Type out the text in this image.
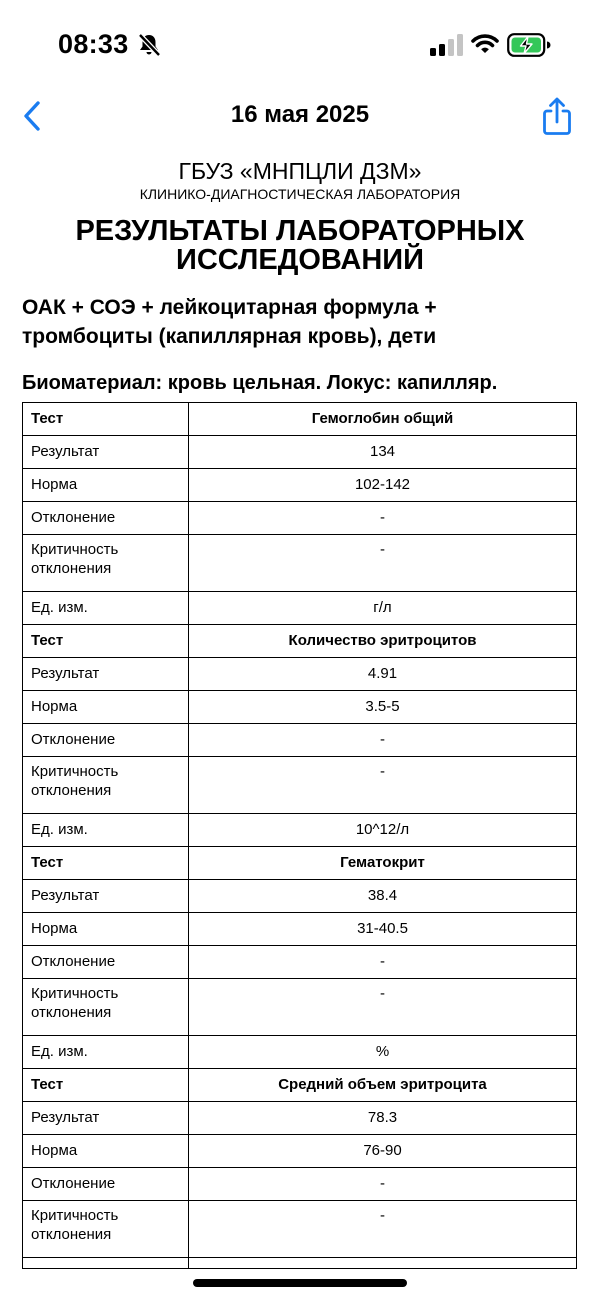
08:33
16 мая 2025
ГБУЗ «МНПЦЛИ ДЗМ»
КЛИНИКО-ДИАГНОСТИЧЕСКАЯ ЛАБОРАТОРИЯ
РЕЗУЛЬТАТЫ ЛАБОРАТОРНЫХ
ИССЛЕДОВАНИЙ
ОАК + СОЭ + лейкоцитарная формула +
тромбоциты (капиллярная кровь), дети
Биоматериал: кровь цельная. Локус: капилляр.
Тест	Гемоглобин общий
Результат	134
Норма	102-142
Отклонение	-

Критичность
отклонения	-
Ед. изм.	г/л
Тест	Количество эритроцитов
Результат	4.91
Норма	3.5-5
Отклонение	-

Критичность
отклонения	-
Ед. изм.	10^12/л
Тест	Гематокрит
Результат	38.4
Норма	31-40.5
Отклонение	-

Критичность
отклонения	-
Ед. изм.	%
Тест	Средний объем эритроцита
Результат	78.3
Норма	76-90
Отклонение	-

Критичность
отклонения	-
